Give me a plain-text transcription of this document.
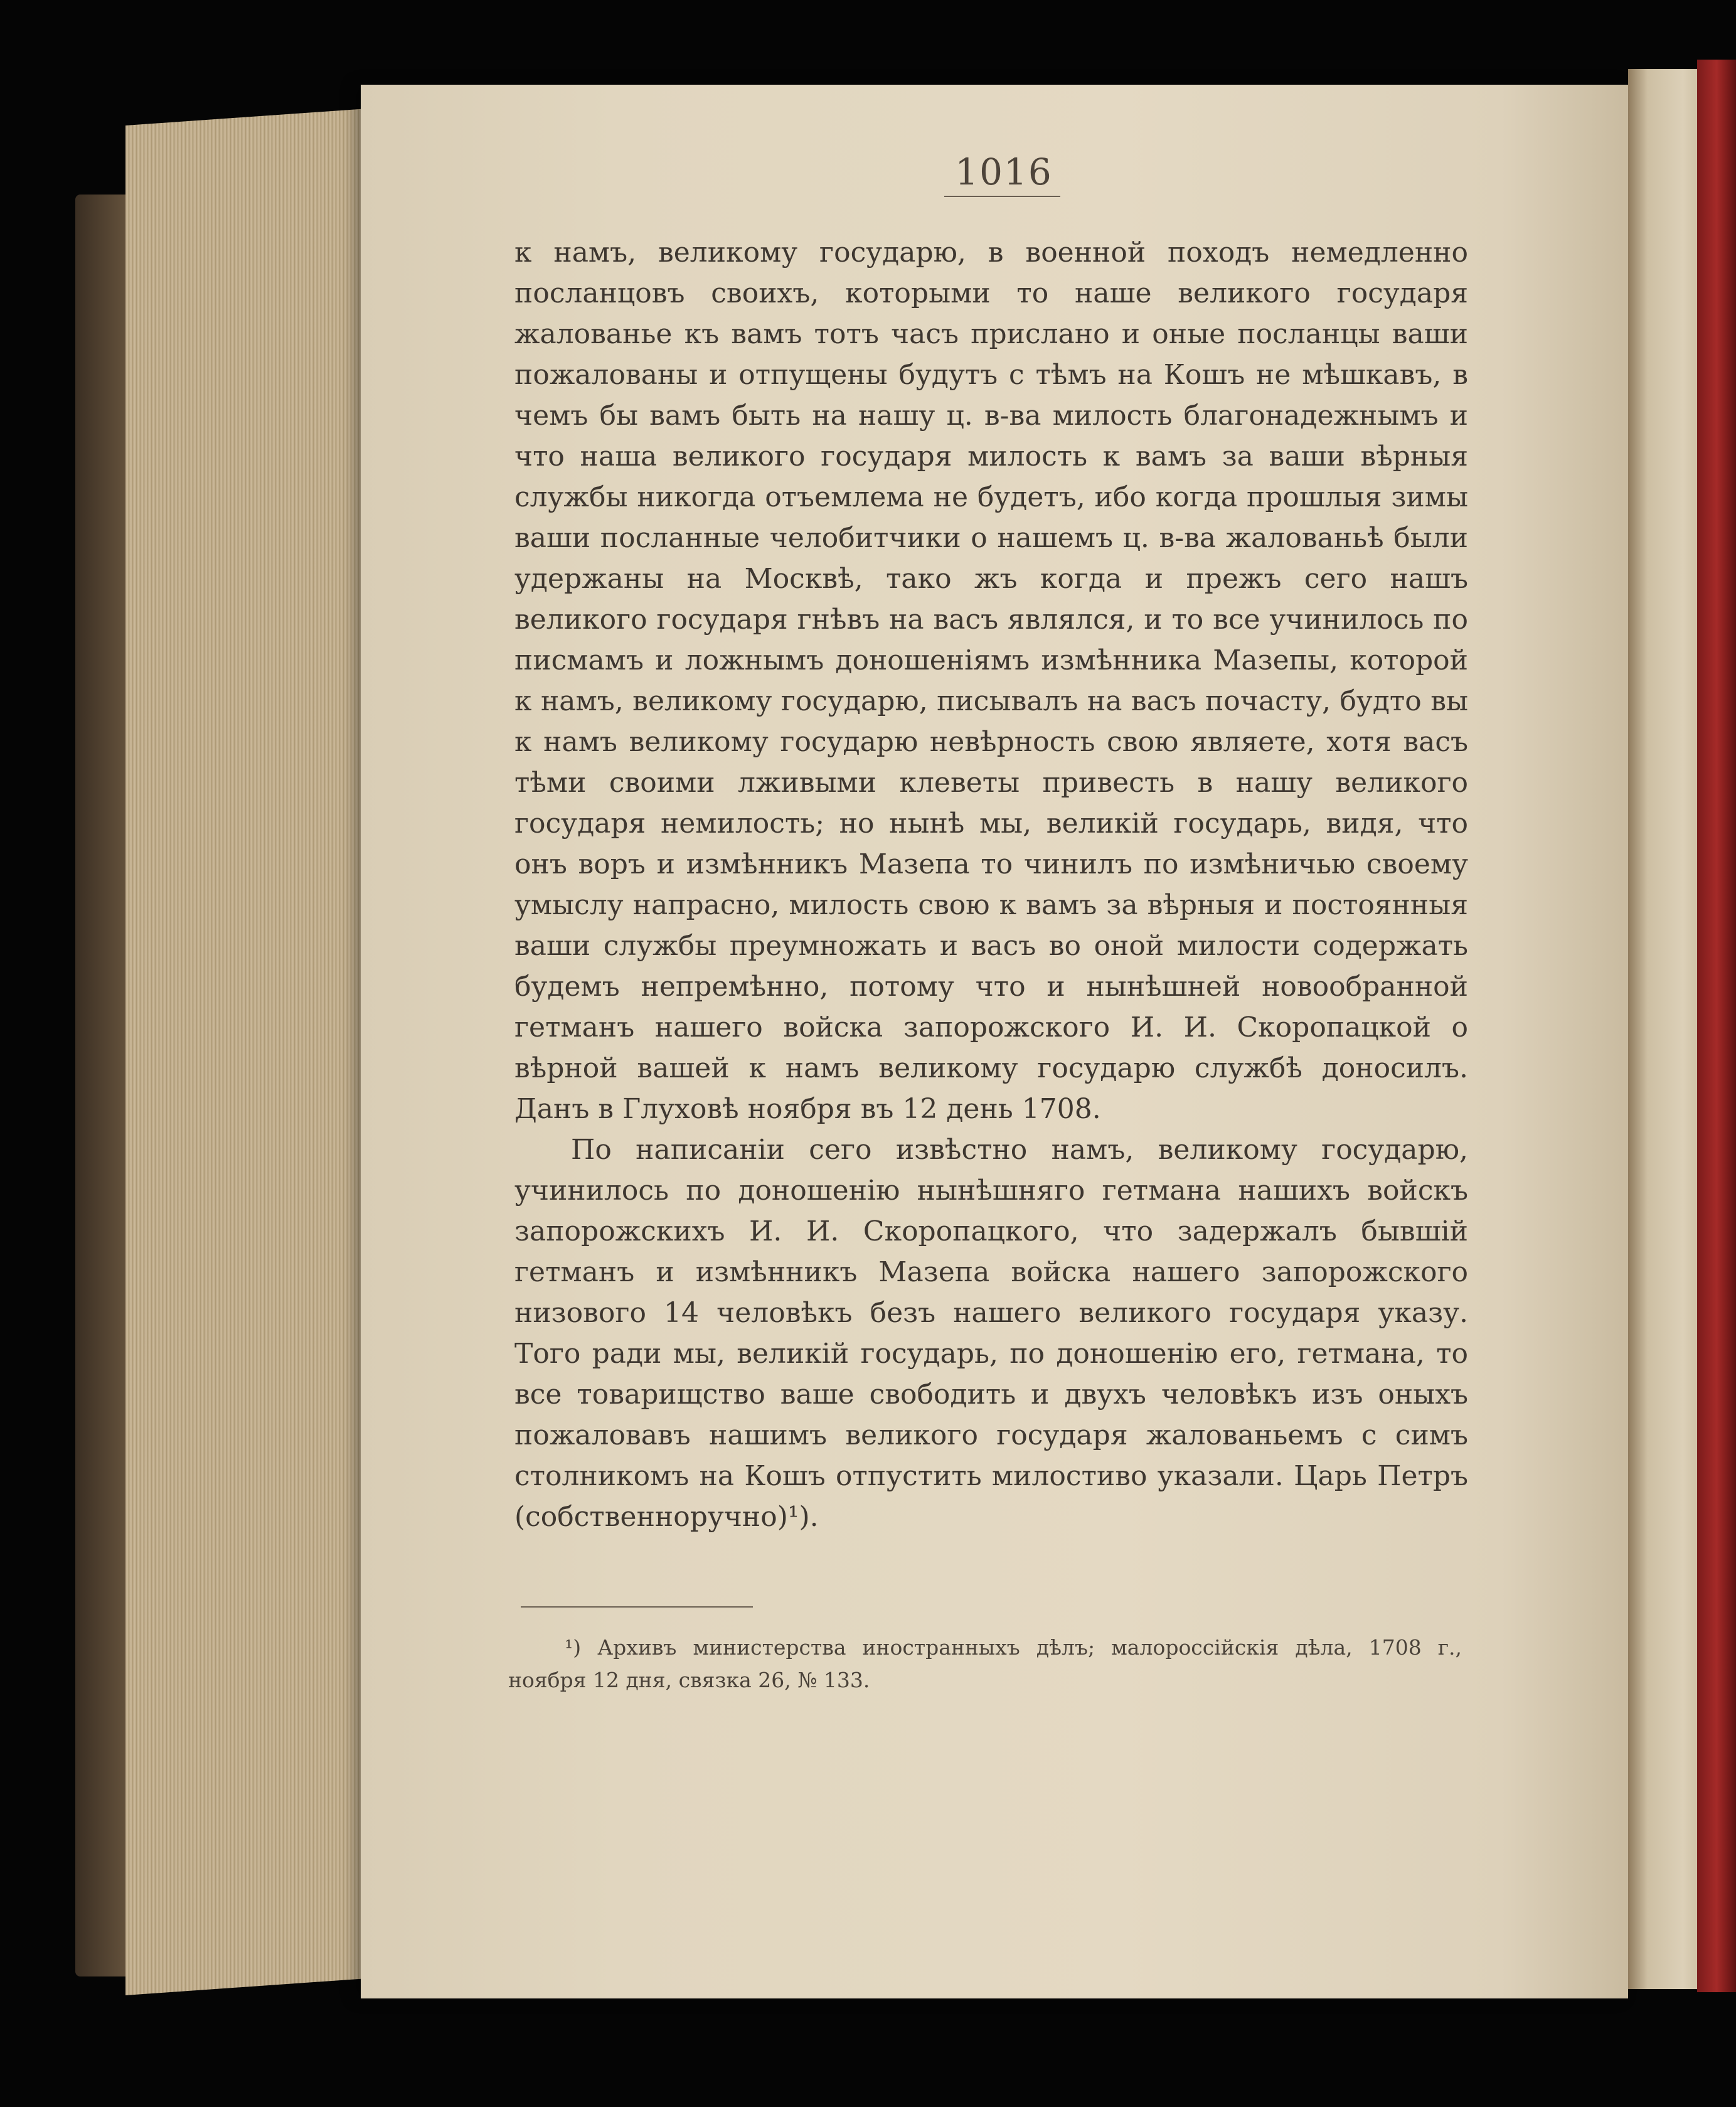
1016

к намъ, великому государю, в военной походъ немедленно посланцовъ своихъ, которыми то наше великого государя жалованье къ вамъ тотъ часъ прислано и оные посланцы ваши пожалованы и отпущены будутъ с тѣмъ на Кошъ не мѣшкавъ, в чемъ бы вамъ быть на нашу ц. в-ва милость благонадежнымъ и что наша великого государя милость к вамъ за ваши вѣрныя службы никогда отъемлема не будетъ, ибо когда прошлыя зимы ваши посланные челобитчики о нашемъ ц. в-ва жалованьѣ были удержаны на Москвѣ, тако жъ когда и прежъ сего нашъ великого государя гнѣвъ на васъ являлся, и то все учинилось по писмамъ и ложнымъ доношеніямъ измѣнника Мазепы, которой к намъ, великому государю, писывалъ на васъ почасту, будто вы к намъ великому государю невѣрность свою являете, хотя васъ тѣми своими лживыми клеветы привесть в нашу великого государя немилость; но нынѣ мы, великій государь, видя, что онъ воръ и измѣнникъ Мазепа то чинилъ по измѣничью своему умыслу напрасно, милость свою к вамъ за вѣрныя и постоянныя ваши службы преумножать и васъ во оной милости содержать будемъ непремѣнно, потому что и нынѣшней новообранной гетманъ нашего войска запорожского И. И. Скоропацкой о вѣрной вашей к намъ великому государю службѣ доносилъ. Данъ в Глуховѣ ноября въ 12 день 1708.

По написаніи сего извѣстно намъ, великому государю, учинилось по доношенію нынѣшняго гетмана нашихъ войскъ запорожскихъ И. И. Скоропацкого, что задержалъ бывшій гетманъ и измѣнникъ Мазепа войска нашего запорожского низового 14 человѣкъ безъ нашего великого государя указу. Того ради мы, великій государь, по доношенію его, гетмана, то все товарищство ваше свободить и двухъ человѣкъ изъ оныхъ пожаловавъ нашимъ великого государя жалованьемъ с симъ столникомъ на Кошъ отпустить милостиво указали. Царь Петръ (собственноручно)¹).

¹) Архивъ министерства иностранныхъ дѣлъ; малороссійскія дѣла, 1708 г., ноября 12 дня, связка 26, № 133.
